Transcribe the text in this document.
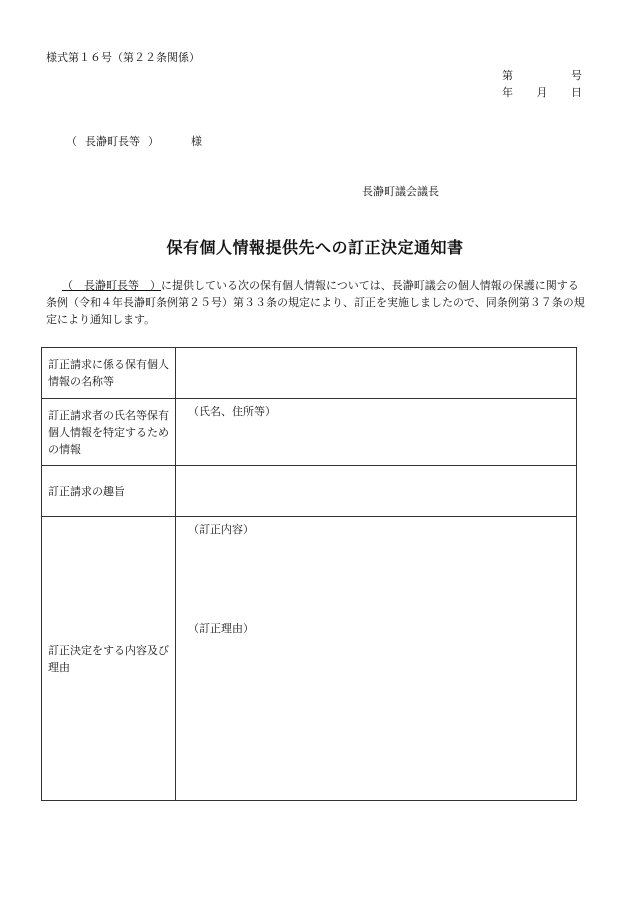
様式第１６号（第２２条関係）
第	号
年 月 日
（ 長瀞町長等 ）	様
長瀞町議会議長
保有個人情報提供先への訂正決定通知書
（　長瀞町長等　）に提供している次の保有個人情報については、長瀞町議会の個人情報の保護に関する条例（令和４年長瀞町条例第２５号）第３３条の規定により、訂正を実施しましたので、同条例第３７条の規定により通知します。
訂正請求に係る保有個人情報の名称等	
訂正請求者の氏名等保有個人情報を特定するための情報	（氏名、住所等）
訂正請求の趣旨	
訂正決定をする内容及び理由	（訂正内容）
（訂正理由）
